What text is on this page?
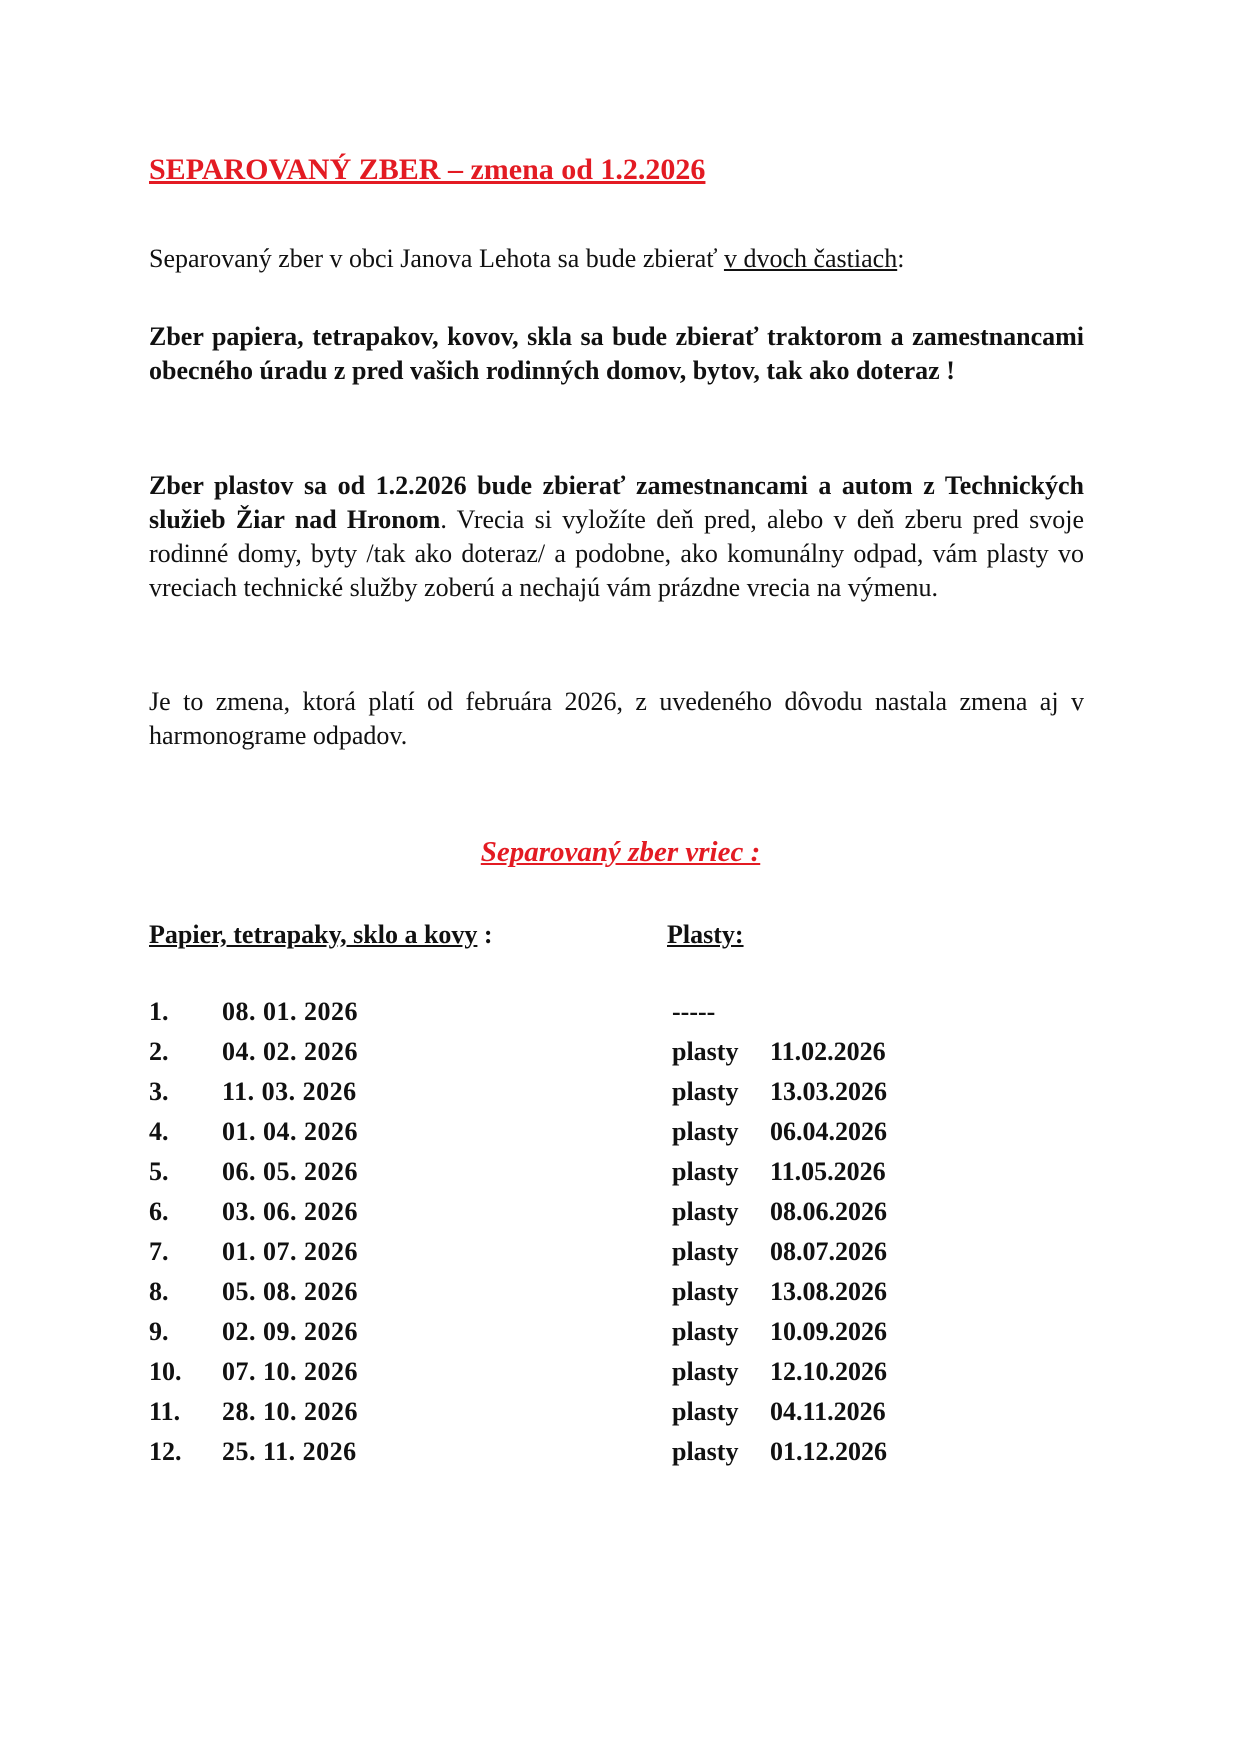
SEPAROVANÝ ZBER – zmena od 1.2.2026

Separovaný zber v obci Janova Lehota sa bude zbierať v dvoch častiach:

Zber papiera, tetrapakov, kovov, skla sa bude zbierať traktorom a zamestnancami obecného úradu z pred vašich rodinných domov, bytov, tak ako doteraz !

Zber plastov sa od 1.2.2026 bude zbierať zamestnancami a autom z Technických služieb Žiar nad Hronom. Vrecia si vyložíte deň pred, alebo v deň zberu pred svoje rodinné domy, byty /tak ako doteraz/ a podobne, ako komunálny odpad, vám plasty vo vreciach technické služby zoberú a nechajú vám prázdne vrecia na výmenu.

Je to zmena, ktorá platí od februára 2026, z uvedeného dôvodu nastala zmena aj v harmonograme odpadov.

Separovaný zber vriec :
Papier, tetrapaky, sklo a kovy :	Plasty:
1. 08. 01. 2026	-----
2. 04. 02. 2026	plasty 11.02.2026
3. 11. 03. 2026	plasty 13.03.2026
4. 01. 04. 2026	plasty 06.04.2026
5. 06. 05. 2026	plasty 11.05.2026
6. 03. 06. 2026	plasty 08.06.2026
7. 01. 07. 2026	plasty 08.07.2026
8. 05. 08. 2026	plasty 13.08.2026
9. 02. 09. 2026	plasty 10.09.2026
10. 07. 10. 2026	plasty 12.10.2026
11. 28. 10. 2026	plasty 04.11.2026
12. 25. 11. 2026	plasty 01.12.2026
